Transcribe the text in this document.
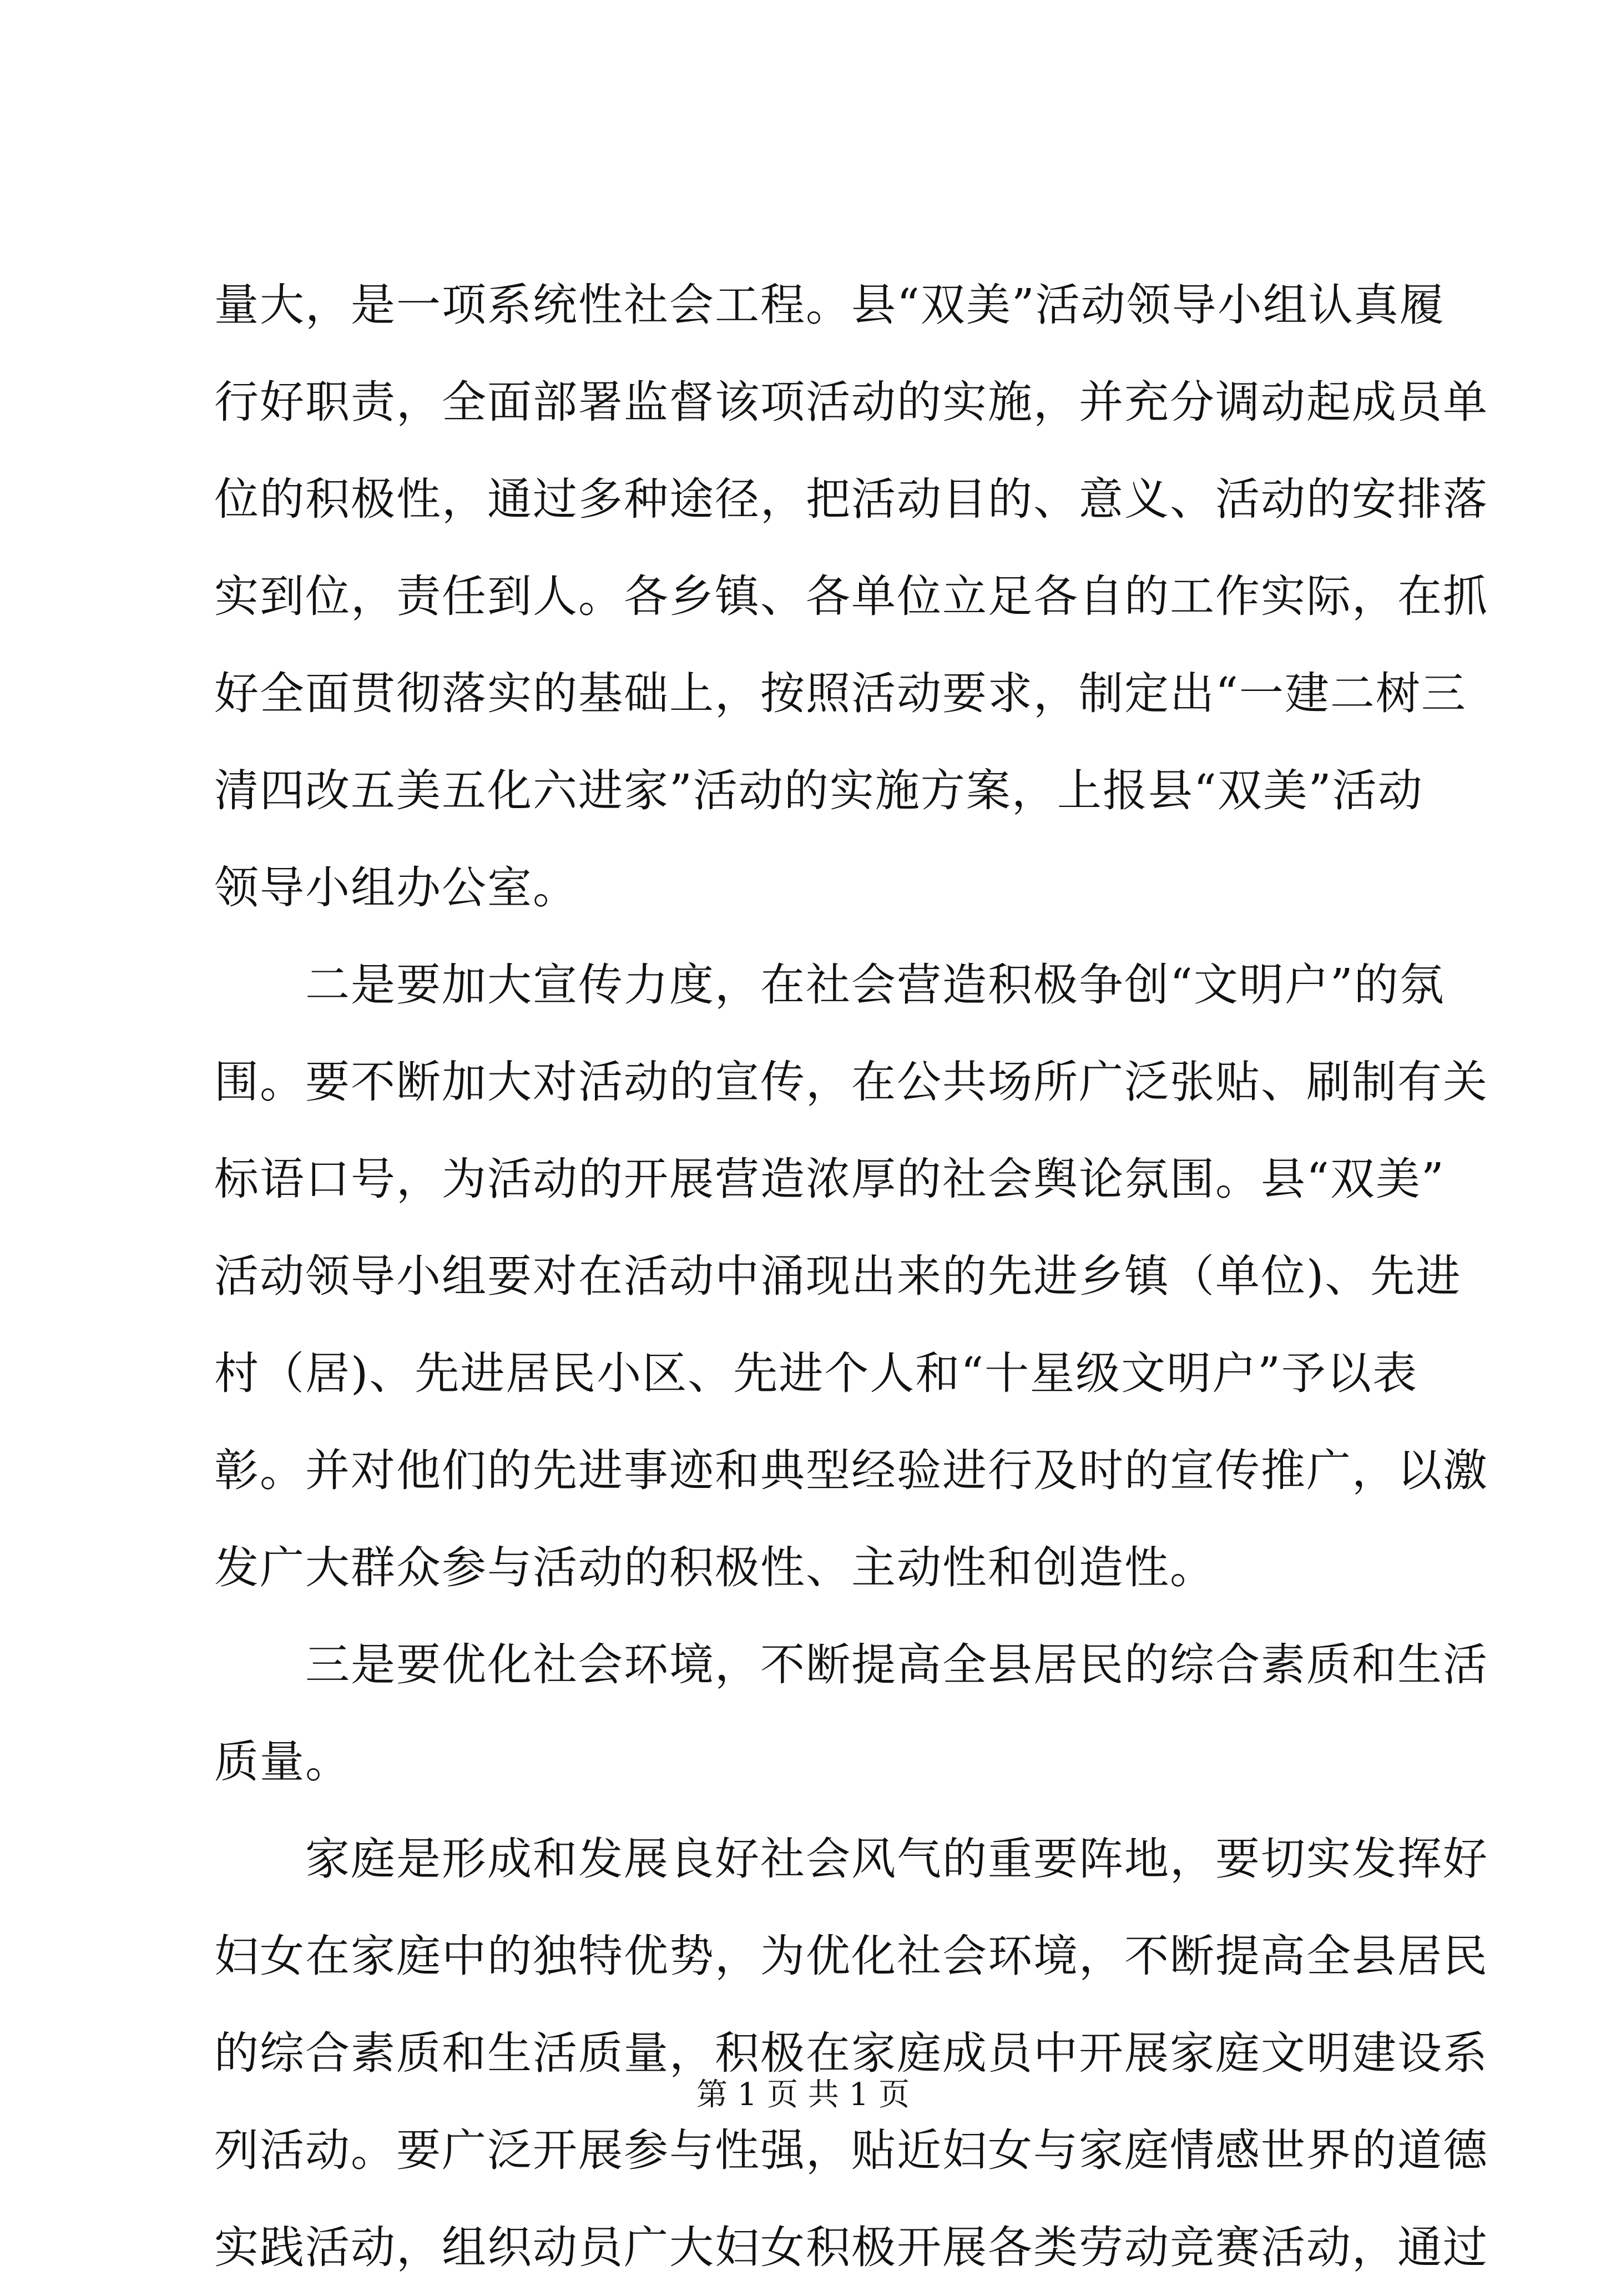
量大，是一项系统性社会工程。县“双美”活动领导小组认真履
行好职责，全面部署监督该项活动的实施，并充分调动起成员单
位的积极性，通过多种途径，把活动目的、意义、活动的安排落
实到位，责任到人。各乡镇、各单位立足各自的工作实际，在抓
好全面贯彻落实的基础上，按照活动要求，制定出“一建二树三
清四改五美五化六进家”活动的实施方案，上报县“双美”活动
领导小组办公室。
二是要加大宣传力度，在社会营造积极争创“文明户”的氛
围。要不断加大对活动的宣传，在公共场所广泛张贴、刷制有关
标语口号，为活动的开展营造浓厚的社会舆论氛围。县“双美”
活动领导小组要对在活动中涌现出来的先进乡镇（单位)、先进
村（居)、先进居民小区、先进个人和“十星级文明户”予以表
彰。并对他们的先进事迹和典型经验进行及时的宣传推广，以激
发广大群众参与活动的积极性、主动性和创造性。
三是要优化社会环境，不断提高全县居民的综合素质和生活
质量。
家庭是形成和发展良好社会风气的重要阵地，要切实发挥好
妇女在家庭中的独特优势，为优化社会环境，不断提高全县居民
的综合素质和生活质量，积极在家庭成员中开展家庭文明建设系
列活动。要广泛开展参与性强，贴近妇女与家庭情感世界的道德
实践活动，组织动员广大妇女积极开展各类劳动竞赛活动，通过
第 1 页 共 1 页
